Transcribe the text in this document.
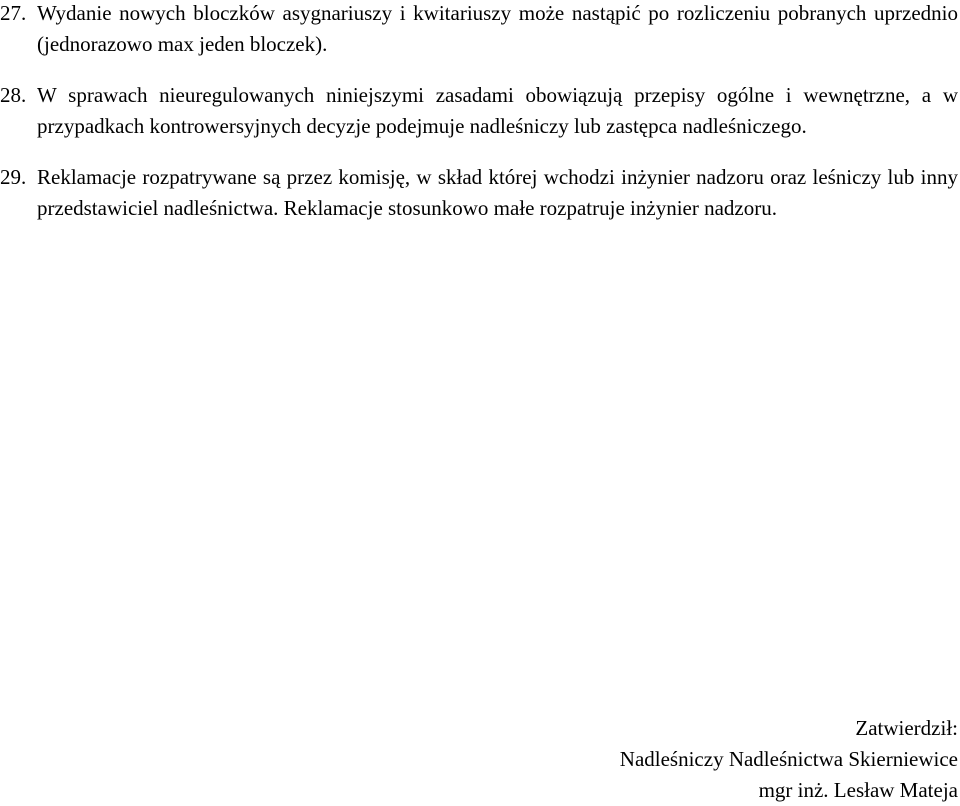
27. Wydanie nowych bloczków asygnariuszy i kwitariuszy może nastąpić po rozliczeniu pobranych uprzednio (jednorazowo max jeden bloczek).
28. W sprawach nieuregulowanych niniejszymi zasadami obowiązują przepisy ogólne i wewnętrzne, a w przypadkach kontrowersyjnych decyzje podejmuje nadleśniczy lub zastępca nadleśniczego.
29. Reklamacje rozpatrywane są przez komisję, w skład której wchodzi inżynier nadzoru oraz leśniczy lub inny przedstawiciel nadleśnictwa. Reklamacje stosunkowo małe rozpatruje inżynier nadzoru.
Zatwierdził:
Nadleśniczy Nadleśnictwa Skierniewice
mgr inż. Lesław Mateja
